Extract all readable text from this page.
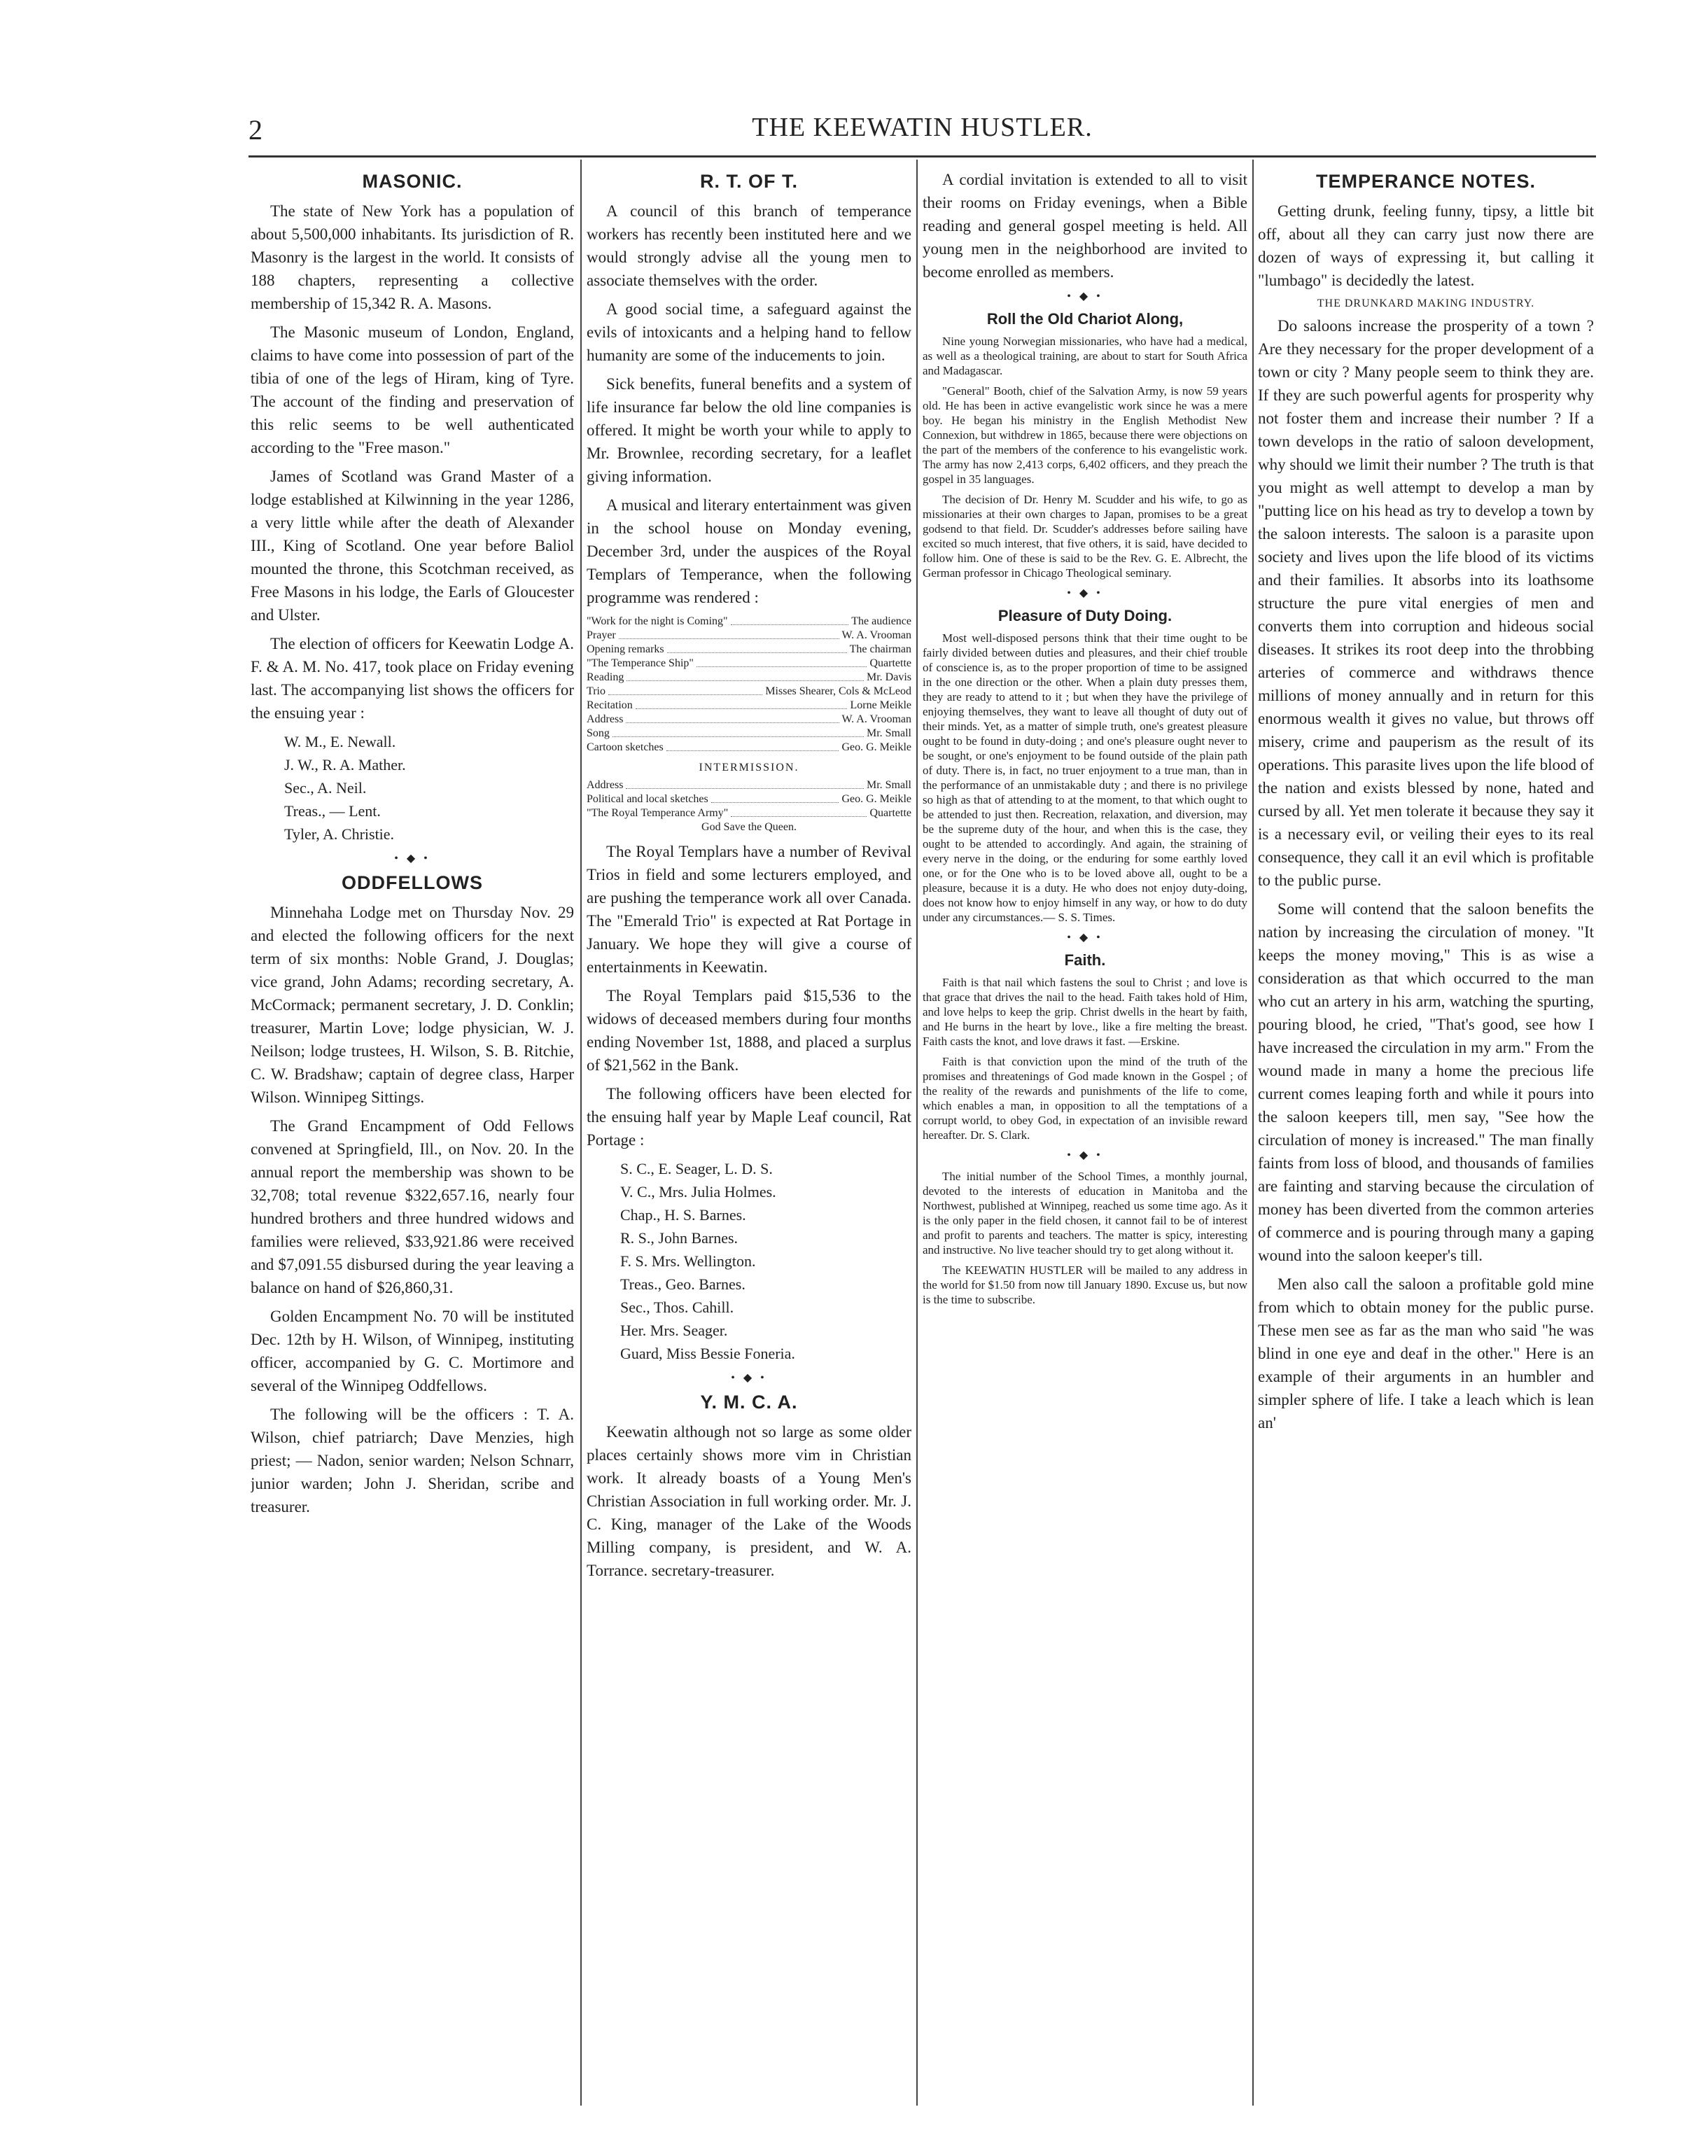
2	THE KEEWATIN HUSTLER.
MASONIC.

The state of New York has a population of about 5,500,000 inhabitants. Its jurisdiction of R. Masonry is the largest in the world. It consists of 188 chapters, representing a collective membership of 15,342 R. A. Masons.

The Masonic museum of London, England, claims to have come into possession of part of the tibia of one of the legs of Hiram, king of Tyre. The account of the finding and preservation of this relic seems to be well authenticated according to the "Free mason."

James of Scotland was Grand Master of a lodge established at Kilwinning in the year 1286, a very little while after the death of Alexander III., King of Scotland. One year before Baliol mounted the throne, this Scotchman received, as Free Masons in his lodge, the Earls of Gloucester and Ulster.

The election of officers for Keewatin Lodge A. F. & A. M. No. 417, took place on Friday evening last. The accompanying list shows the officers for the ensuing year :

W. M., E. Newall.
J. W., R. A. Mather.
Sec., A. Neil.
Treas., — Lent.
Tyler, A. Christie.
• ◆ •
ODDFELLOWS

Minnehaha Lodge met on Thursday Nov. 29 and elected the following officers for the next term of six months: Noble Grand, J. Douglas; vice grand, John Adams; recording secretary, A. McCormack; permanent secretary, J. D. Conklin; treasurer, Martin Love; lodge physician, W. J. Neilson; lodge trustees, H. Wilson, S. B. Ritchie, C. W. Bradshaw; captain of degree class, Harper Wilson. Winnipeg Sittings.

The Grand Encampment of Odd Fellows convened at Springfield, Ill., on Nov. 20. In the annual report the membership was shown to be 32,708; total revenue $322,657.16, nearly four hundred brothers and three hundred widows and families were relieved, $33,921.86 were received and $7,091.55 disbursed during the year leaving a balance on hand of $26,860,31.

Golden Encampment No. 70 will be instituted Dec. 12th by H. Wilson, of Winnipeg, instituting officer, accompanied by G. C. Mortimore and several of the Winnipeg Oddfellows.

The following will be the officers : T. A. Wilson, chief patriarch; Dave Menzies, high priest; — Nadon, senior warden; Nelson Schnarr, junior warden; John J. Sheridan, scribe and treasurer.

R. T. OF T.

A council of this branch of temperance workers has recently been instituted here and we would strongly advise all the young men to associate themselves with the order.

A good social time, a safeguard against the evils of intoxicants and a helping hand to fellow humanity are some of the inducements to join.

Sick benefits, funeral benefits and a system of life insurance far below the old line companies is offered. It might be worth your while to apply to Mr. Brownlee, recording secretary, for a leaflet giving information.

A musical and literary entertainment was given in the school house on Monday evening, December 3rd, under the auspices of the Royal Templars of Temperance, when the following programme was rendered :

"Work for the night is Coming"	The audience
Prayer	W. A. Vrooman
Opening remarks	The chairman
"The Temperance Ship"	Quartette
Reading	Mr. Davis
Trio	Misses Shearer, Cols & McLeod
Recitation	Lorne Meikle
Address	W. A. Vrooman
Song	Mr. Small
Cartoon sketches	Geo. G. Meikle
INTERMISSION.
Address	Mr. Small
Political and local sketches	Geo. G. Meikle
"The Royal Temperance Army"	Quartette
God Save the Queen.

The Royal Templars have a number of Revival Trios in field and some lecturers employed, and are pushing the temperance work all over Canada. The "Emerald Trio" is expected at Rat Portage in January. We hope they will give a course of entertainments in Keewatin.

The Royal Templars paid $15,536 to the widows of deceased members during four months ending November 1st, 1888, and placed a surplus of $21,562 in the Bank.

The following officers have been elected for the ensuing half year by Maple Leaf council, Rat Portage :

S. C., E. Seager, L. D. S.
V. C., Mrs. Julia Holmes.
Chap., H. S. Barnes.
R. S., John Barnes.
F. S. Mrs. Wellington.
Treas., Geo. Barnes.
Sec., Thos. Cahill.
Her. Mrs. Seager.
Guard, Miss Bessie Foneria.
• ◆ •
Y. M. C. A.

Keewatin although not so large as some older places certainly shows more vim in Christian work. It already boasts of a Young Men's Christian Association in full working order. Mr. J. C. King, manager of the Lake of the Woods Milling company, is president, and W. A. Torrance. secretary-treasurer.

A cordial invitation is extended to all to visit their rooms on Friday evenings, when a Bible reading and general gospel meeting is held. All young men in the neighborhood are invited to become enrolled as members.

• ◆ •
Roll the Old Chariot Along,

Nine young Norwegian missionaries, who have had a medical, as well as a theological training, are about to start for South Africa and Madagascar.

"General" Booth, chief of the Salvation Army, is now 59 years old. He has been in active evangelistic work since he was a mere boy. He began his ministry in the English Methodist New Connexion, but withdrew in 1865, because there were objections on the part of the members of the conference to his evangelistic work. The army has now 2,413 corps, 6,402 officers, and they preach the gospel in 35 languages.

The decision of Dr. Henry M. Scudder and his wife, to go as missionaries at their own charges to Japan, promises to be a great godsend to that field. Dr. Scudder's addresses before sailing have excited so much interest, that five others, it is said, have decided to follow him. One of these is said to be the Rev. G. E. Albrecht, the German professor in Chicago Theological seminary.

• ◆ •
Pleasure of Duty Doing.

Most well-disposed persons think that their time ought to be fairly divided between duties and pleasures, and their chief trouble of conscience is, as to the proper proportion of time to be assigned in the one direction or the other. When a plain duty presses them, they are ready to attend to it ; but when they have the privilege of enjoying themselves, they want to leave all thought of duty out of their minds. Yet, as a matter of simple truth, one's greatest pleasure ought to be found in duty-doing ; and one's pleasure ought never to be sought, or one's enjoyment to be found outside of the plain path of duty. There is, in fact, no truer enjoyment to a true man, than in the performance of an unmistakable duty ; and there is no privilege so high as that of attending to at the moment, to that which ought to be attended to just then. Recreation, relaxation, and diversion, may be the supreme duty of the hour, and when this is the case, they ought to be attended to accordingly. And again, the straining of every nerve in the doing, or the enduring for some earthly loved one, or for the One who is to be loved above all, ought to be a pleasure, because it is a duty. He who does not enjoy duty-doing, does not know how to enjoy himself in any way, or how to do duty under any circumstances.— S. S. Times.

• ◆ •
Faith.

Faith is that nail which fastens the soul to Christ ; and love is that grace that drives the nail to the head. Faith takes hold of Him, and love helps to keep the grip. Christ dwells in the heart by faith, and He burns in the heart by love., like a fire melting the breast. Faith casts the knot, and love draws it fast. —Erskine.

Faith is that conviction upon the mind of the truth of the promises and threatenings of God made known in the Gospel ; of the reality of the rewards and punishments of the life to come, which enables a man, in opposition to all the temptations of a corrupt world, to obey God, in expectation of an invisible reward hereafter. Dr. S. Clark.

• ◆ •

The initial number of the School Times, a monthly journal, devoted to the interests of education in Manitoba and the Northwest, published at Winnipeg, reached us some time ago. As it is the only paper in the field chosen, it cannot fail to be of interest and profit to parents and teachers. The matter is spicy, interesting and instructive. No live teacher should try to get along without it.

The KEEWATIN HUSTLER will be mailed to any address in the world for $1.50 from now till January 1890. Excuse us, but now is the time to subscribe.

TEMPERANCE NOTES.

Getting drunk, feeling funny, tipsy, a little bit off, about all they can carry just now there are dozen of ways of expressing it, but calling it "lumbago" is decidedly the latest.

THE DRUNKARD MAKING INDUSTRY.

Do saloons increase the prosperity of a town ? Are they necessary for the proper development of a town or city ? Many people seem to think they are. If they are such powerful agents for prosperity why not foster them and increase their number ? If a town develops in the ratio of saloon development, why should we limit their number ? The truth is that you might as well attempt to develop a man by "putting lice on his head as try to develop a town by the saloon interests. The saloon is a parasite upon society and lives upon the life blood of its victims and their families. It absorbs into its loathsome structure the pure vital energies of men and converts them into corruption and hideous social diseases. It strikes its root deep into the throbbing arteries of commerce and withdraws thence millions of money annually and in return for this enormous wealth it gives no value, but throws off misery, crime and pauperism as the result of its operations. This parasite lives upon the life blood of the nation and exists blessed by none, hated and cursed by all. Yet men tolerate it because they say it is a necessary evil, or veiling their eyes to its real consequence, they call it an evil which is profitable to the public purse.

Some will contend that the saloon benefits the nation by increasing the circulation of money. "It keeps the money moving," This is as wise a consideration as that which occurred to the man who cut an artery in his arm, watching the spurting, pouring blood, he cried, "That's good, see how I have increased the circulation in my arm." From the wound made in many a home the precious life current comes leaping forth and while it pours into the saloon keepers till, men say, "See how the circulation of money is increased." The man finally faints from loss of blood, and thousands of families are fainting and starving because the circulation of money has been diverted from the common arteries of commerce and is pouring through many a gaping wound into the saloon keeper's till.

Men also call the saloon a profitable gold mine from which to obtain money for the public purse. These men see as far as the man who said "he was blind in one eye and deaf in the other." Here is an example of their arguments in an humbler and simpler sphere of life. I take a leach which is lean an'
